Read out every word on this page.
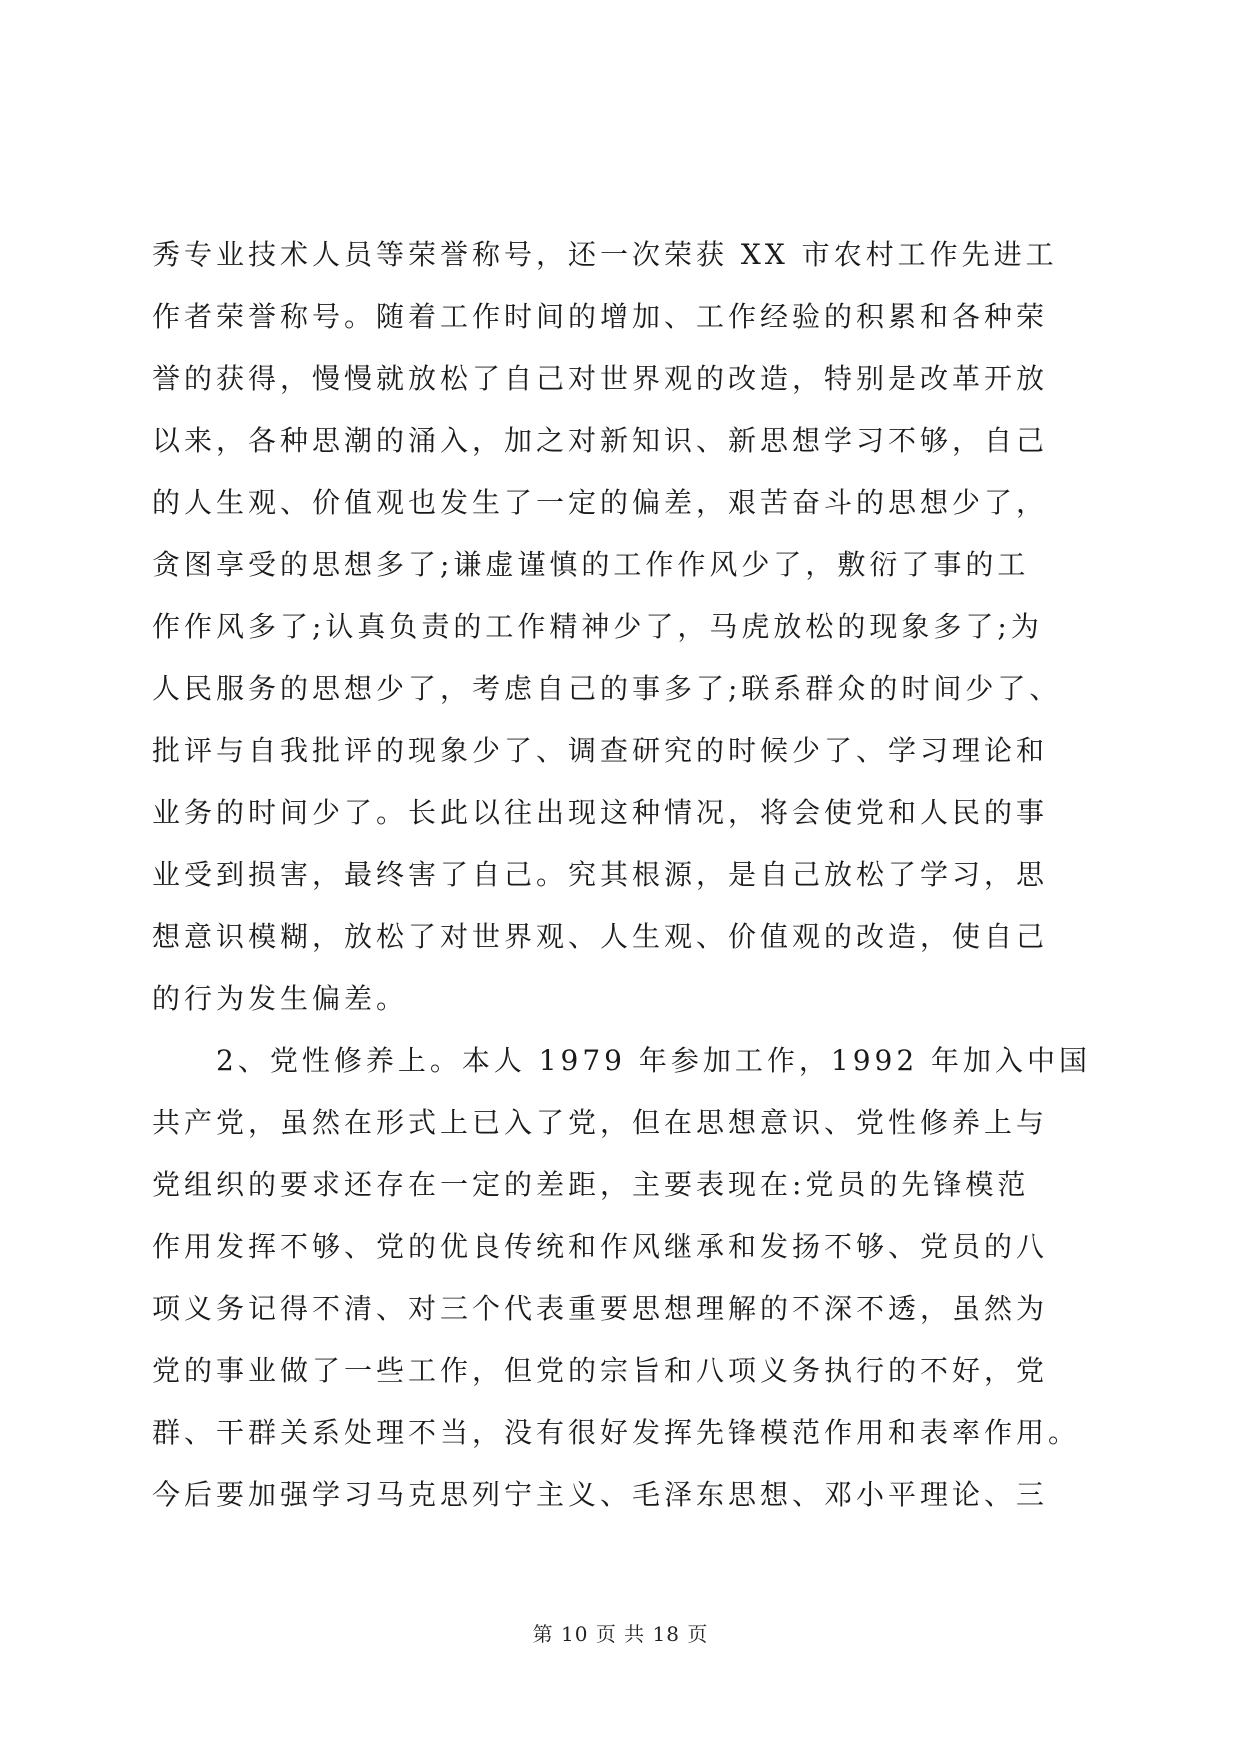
秀专业技术人员等荣誉称号，还一次荣获 XX 市农村工作先进工
作者荣誉称号。随着工作时间的增加、工作经验的积累和各种荣
誉的获得，慢慢就放松了自己对世界观的改造，特别是改革开放
以来，各种思潮的涌入，加之对新知识、新思想学习不够，自己
的人生观、价值观也发生了一定的偏差，艰苦奋斗的思想少了，
贪图享受的思想多了;谦虚谨慎的工作作风少了，敷衍了事的工
作作风多了;认真负责的工作精神少了，马虎放松的现象多了;为
人民服务的思想少了，考虑自己的事多了;联系群众的时间少了、
批评与自我批评的现象少了、调查研究的时候少了、学习理论和
业务的时间少了。长此以往出现这种情况，将会使党和人民的事
业受到损害，最终害了自己。究其根源，是自己放松了学习，思
想意识模糊，放松了对世界观、人生观、价值观的改造，使自己
的行为发生偏差。
　　2、党性修养上。本人 1979 年参加工作，1992 年加入中国
共产党，虽然在形式上已入了党，但在思想意识、党性修养上与
党组织的要求还存在一定的差距，主要表现在:党员的先锋模范
作用发挥不够、党的优良传统和作风继承和发扬不够、党员的八
项义务记得不清、对三个代表重要思想理解的不深不透，虽然为
党的事业做了一些工作，但党的宗旨和八项义务执行的不好，党
群、干群关系处理不当，没有很好发挥先锋模范作用和表率作用。
今后要加强学习马克思列宁主义、毛泽东思想、邓小平理论、三
第 10 页 共 18 页
